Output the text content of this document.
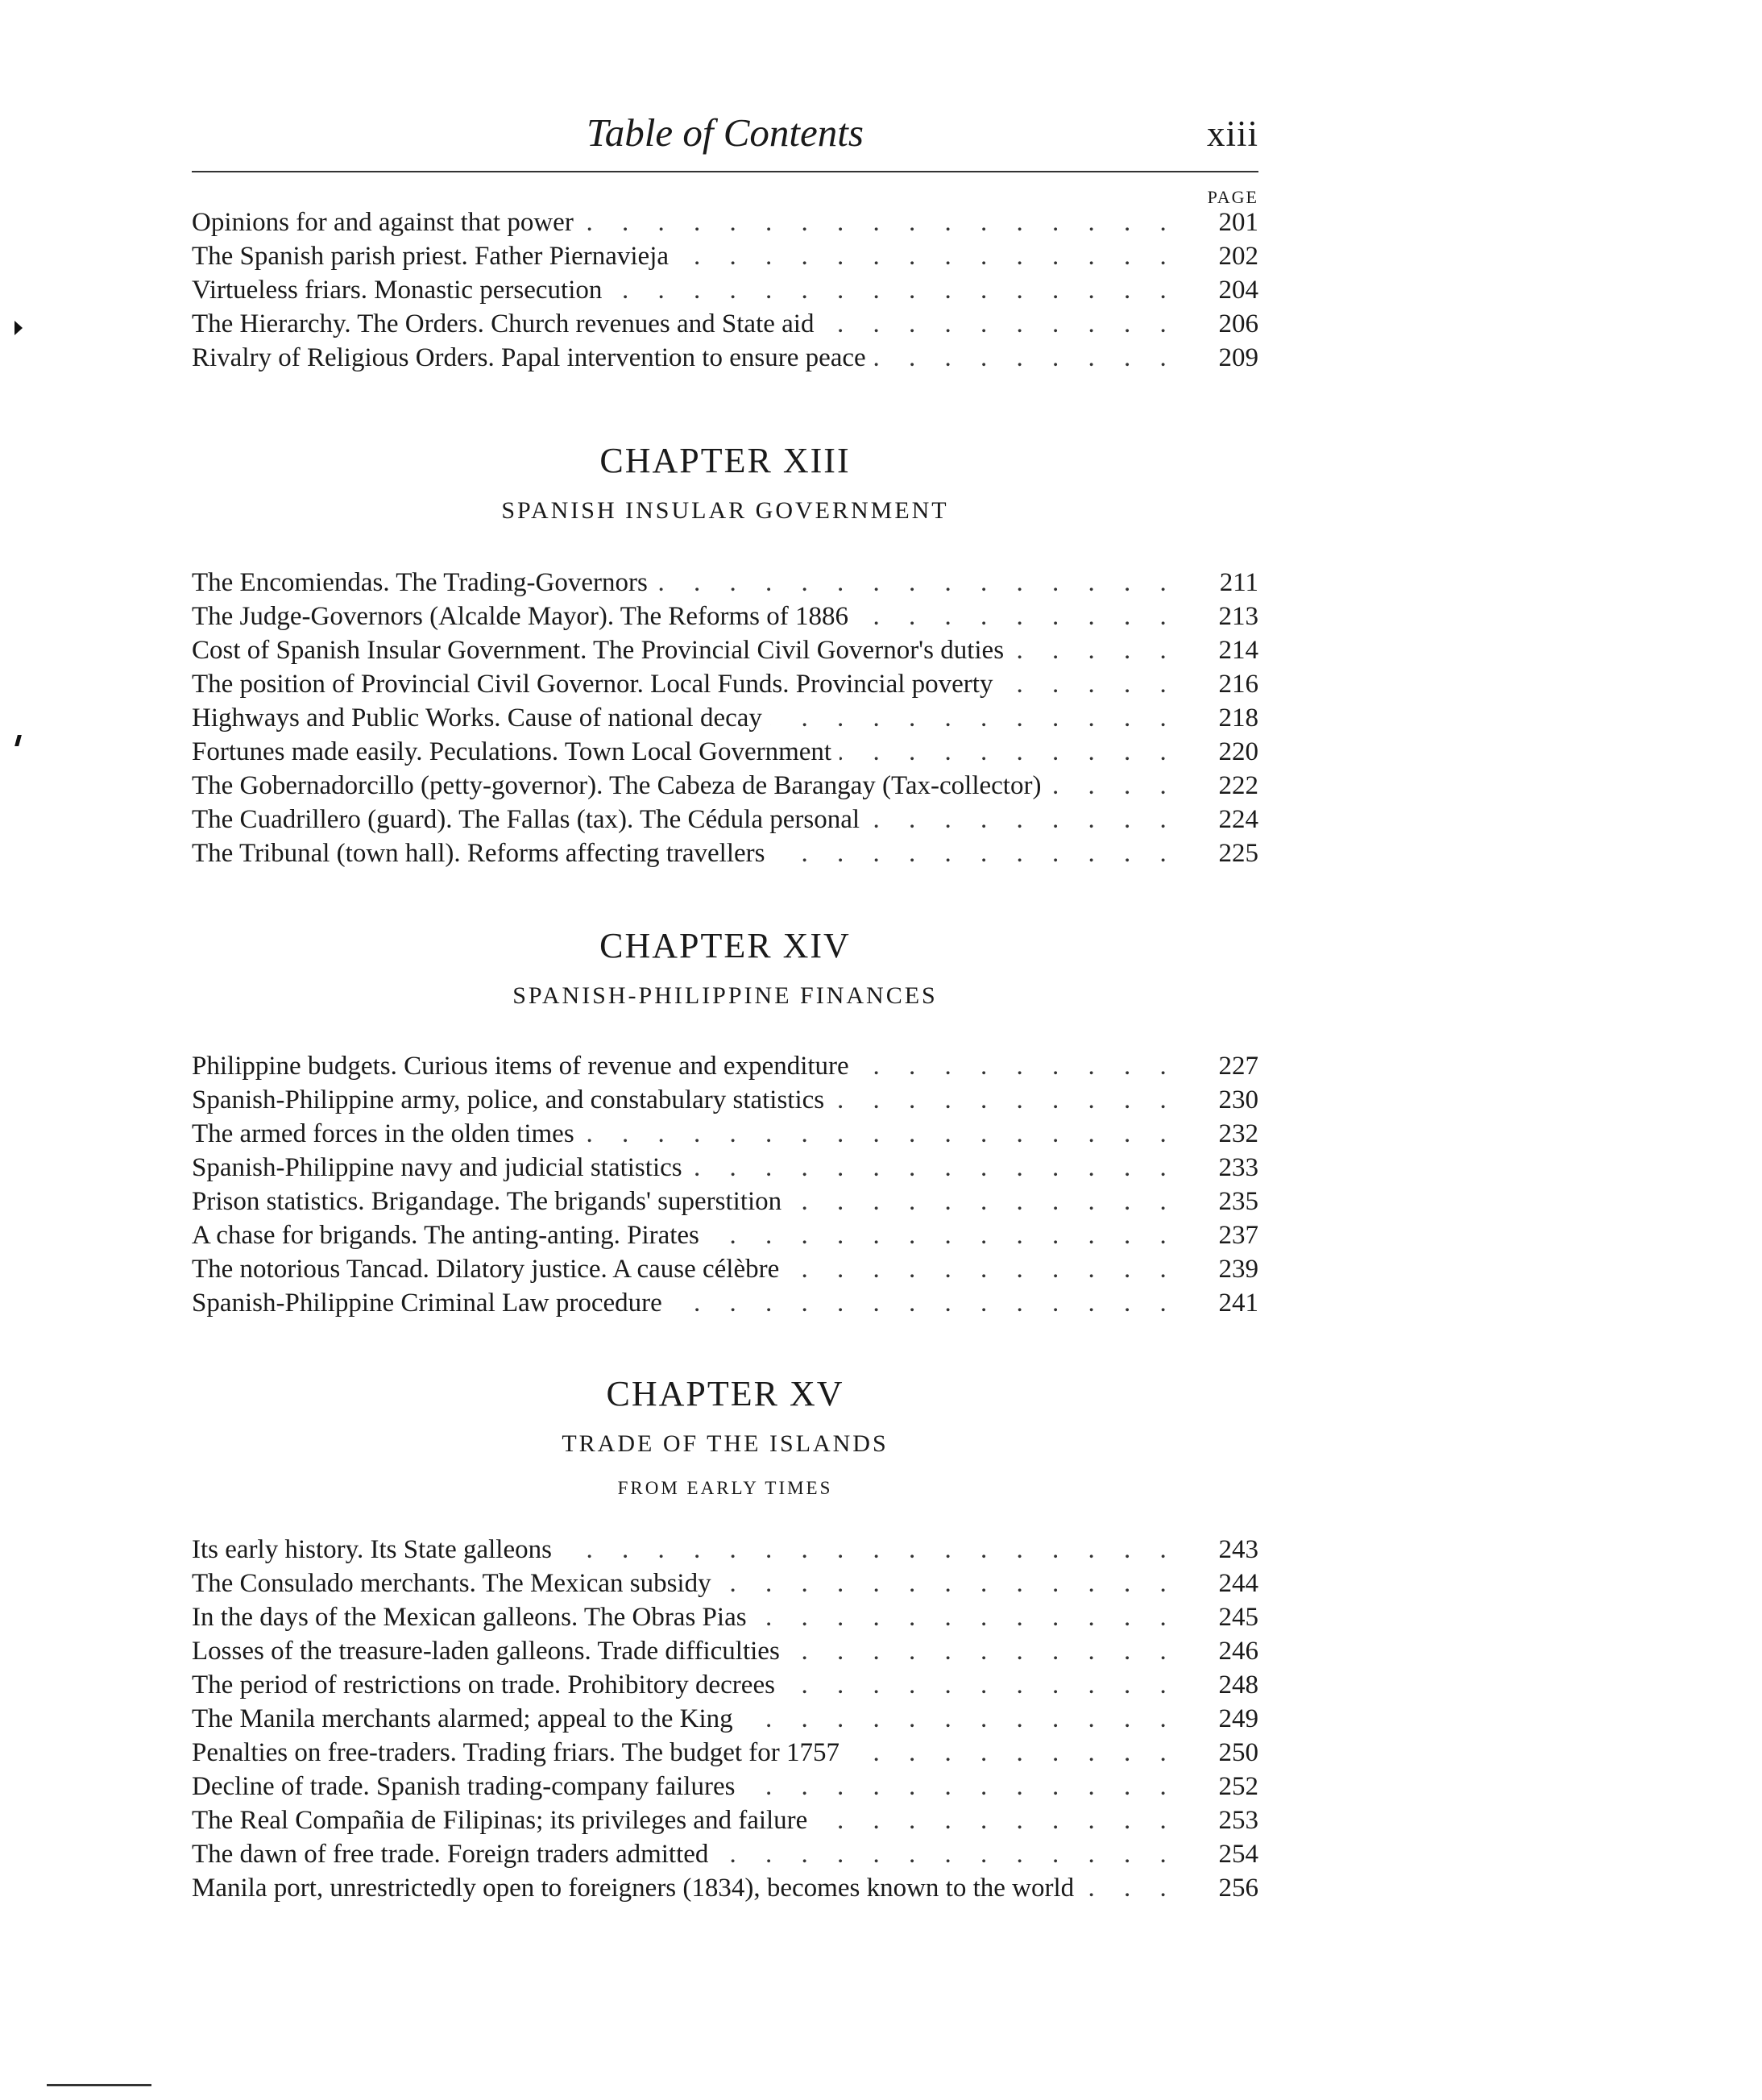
Table of Contents	xiii
PAGE
Opinions for and against that power . . .	201
The Spanish parish priest. Father Piernavieja . . .	202
Virtueless friars. Monastic persecution . . .	204
The Hierarchy. The Orders. Church revenues and State aid . . .	206
Rivalry of Religious Orders. Papal intervention to ensure peace . . .	209
CHAPTER XIII
SPANISH INSULAR GOVERNMENT
The Encomiendas. The Trading-Governors . . .	211
The Judge-Governors (Alcalde Mayor). The Reforms of 1886 . . .	213
Cost of Spanish Insular Government. The Provincial Civil Governor's duties . . .	214
The position of Provincial Civil Governor. Local Funds. Provincial poverty . . .	216
Highways and Public Works. Cause of national decay . . .	218
Fortunes made easily. Peculations. Town Local Government . . .	220
The Gobernadorcillo (petty-governor). The Cabeza de Barangay (Tax-collector) . . .	222
The Cuadrillero (guard). The Fallas (tax). The Cédula personal . . .	224
The Tribunal (town hall). Reforms affecting travellers . . .	225
CHAPTER XIV
SPANISH-PHILIPPINE FINANCES
Philippine budgets. Curious items of revenue and expenditure . . .	227
Spanish-Philippine army, police, and constabulary statistics . . .	230
The armed forces in the olden times . . .	232
Spanish-Philippine navy and judicial statistics . . .	233
Prison statistics. Brigandage. The brigands' superstition . . .	235
A chase for brigands. The anting-anting. Pirates . . .	237
The notorious Tancad. Dilatory justice. A cause célèbre . . .	239
Spanish-Philippine Criminal Law procedure . . .	241
CHAPTER XV
TRADE OF THE ISLANDS
FROM EARLY TIMES
Its early history. Its State galleons . . .	243
The Consulado merchants. The Mexican subsidy . . .	244
In the days of the Mexican galleons. The Obras Pias . . .	245
Losses of the treasure-laden galleons. Trade difficulties . . .	246
The period of restrictions on trade. Prohibitory decrees . . .	248
The Manila merchants alarmed; appeal to the King . . .	249
Penalties on free-traders. Trading friars. The budget for 1757 . . .	250
Decline of trade. Spanish trading-company failures . . .	252
The Real Compañia de Filipinas; its privileges and failure . . .	253
The dawn of free trade. Foreign traders admitted . . .	254
Manila port, unrestrictedly open to foreigners (1834), becomes known to the world . . .	256
